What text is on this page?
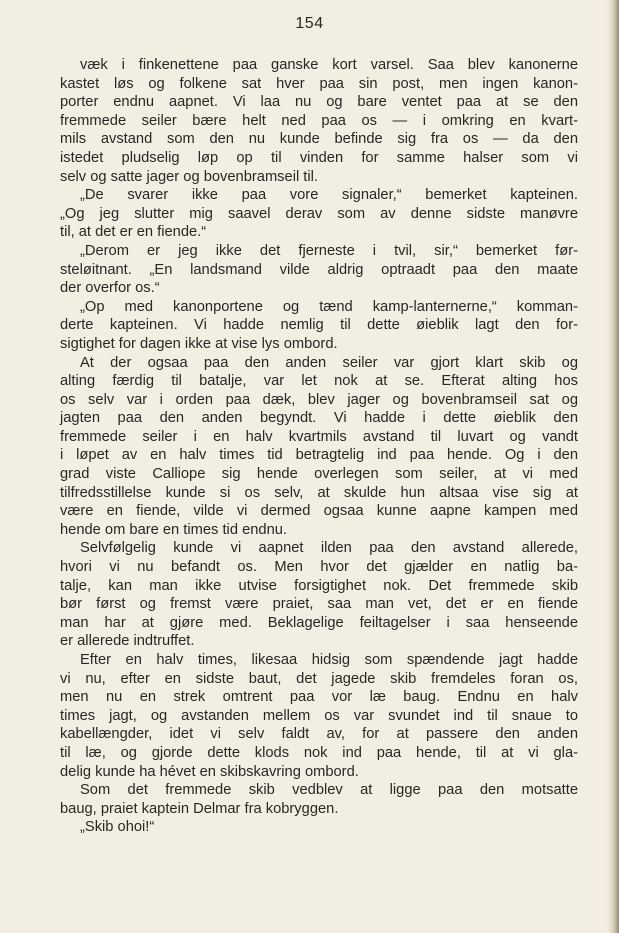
154
væk i finkenettene paa ganske kort varsel. Saa blev kanonerne
kastet løs og folkene sat hver paa sin post, men ingen kanon-
porter endnu aapnet. Vi laa nu og bare ventet paa at se den
fremmede seiler bære helt ned paa os — i omkring en kvart-
mils avstand som den nu kunde befinde sig fra os — da den
istedet pludselig løp op til vinden for samme halser som vi
selv og satte jager og bovenbramseil til.
„De svarer ikke paa vore signaler,“ bemerket kapteinen.
„Og jeg slutter mig saavel derav som av denne sidste manøvre
til, at det er en fiende.“
„Derom er jeg ikke det fjerneste i tvil, sir,“ bemerket før-
steløitnant. „En landsmand vilde aldrig optraadt paa den maate
der overfor os.“
„Op med kanonportene og tænd kamp-lanternerne,“ komman-
derte kapteinen. Vi hadde nemlig til dette øieblik lagt den for-
sigtighet for dagen ikke at vise lys ombord.
At der ogsaa paa den anden seiler var gjort klart skib og
alting færdig til batalje, var let nok at se. Efterat alting hos
os selv var i orden paa dæk, blev jager og bovenbramseil sat og
jagten paa den anden begyndt. Vi hadde i dette øieblik den
fremmede seiler i en halv kvartmils avstand til luvart og vandt
i løpet av en halv times tid betragtelig ind paa hende. Og i den
grad viste Calliope sig hende overlegen som seiler, at vi med
tilfredsstillelse kunde si os selv, at skulde hun altsaa vise sig at
være en fiende, vilde vi dermed ogsaa kunne aapne kampen med
hende om bare en times tid endnu.
Selvfølgelig kunde vi aapnet ilden paa den avstand allerede,
hvori vi nu befandt os. Men hvor det gjælder en natlig ba-
talje, kan man ikke utvise forsigtighet nok. Det fremmede skib
bør først og fremst være praiet, saa man vet, det er en fiende
man har at gjøre med. Beklagelige feiltagelser i saa henseende
er allerede indtruffet.
Efter en halv times, likesaa hidsig som spændende jagt hadde
vi nu, efter en sidste baut, det jagede skib fremdeles foran os,
men nu en strek omtrent paa vor læ baug. Endnu en halv
times jagt, og avstanden mellem os var svundet ind til snaue to
kabellængder, idet vi selv faldt av, for at passere den anden
til læ, og gjorde dette klods nok ind paa hende, til at vi gla-
delig kunde ha hévet en skibskavring ombord.
Som det fremmede skib vedblev at ligge paa den motsatte
baug, praiet kaptein Delmar fra kobryggen.
„Skib ohoi!“
